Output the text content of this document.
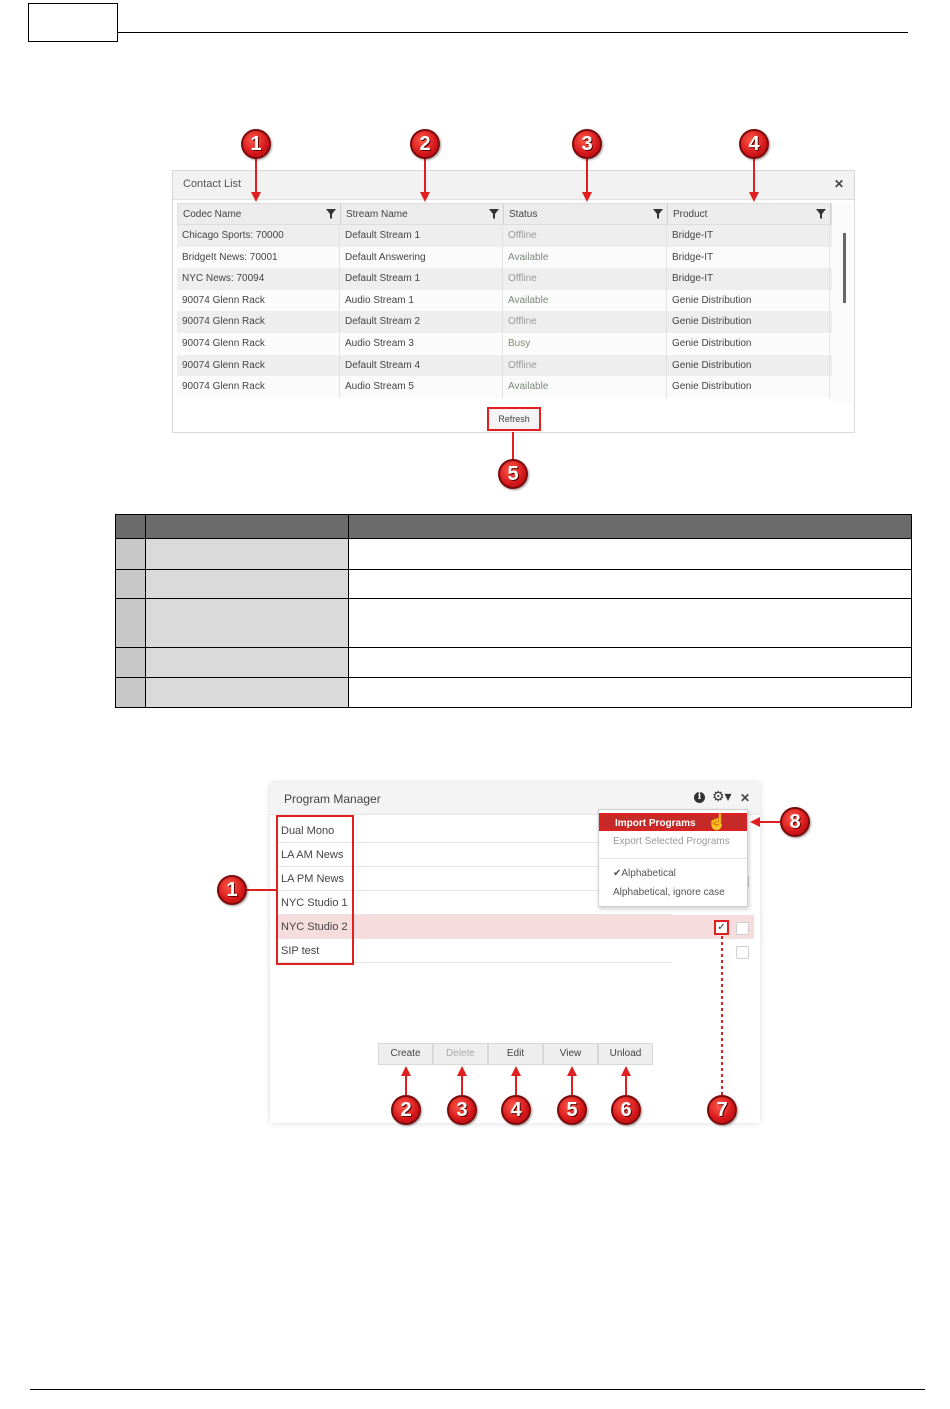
Contact List	✕
Codec Name	Stream Name	Status	Product
Chicago Sports: 70000	Default Stream 1	Offline	Bridge-IT
BridgeIt News: 70001	Default Answering	Available	Bridge-IT
NYC News: 70094	Default Stream 1	Offline	Bridge-IT
90074 Glenn Rack	Audio Stream 1	Available	Genie Distribution
90074 Glenn Rack	Default Stream 2	Offline	Genie Distribution
90074 Glenn Rack	Audio Stream 3	Busy	Genie Distribution
90074 Glenn Rack	Default Stream 4	Offline	Genie Distribution
90074 Glenn Rack	Audio Stream 5	Available	Genie Distribution
Refresh

Program Manager	i ⚙▾ ✕
Dual Mono
LA AM News
LA PM News
NYC Studio 1
NYC Studio 2
SIP test
✓
Import Programs
Export Selected Programs
✔Alphabetical
Alphabetical, ignore case
☝
Create	Delete	Edit	View	Unload
1	2	3	4
5
1
2	3	4	5	6	7
8
